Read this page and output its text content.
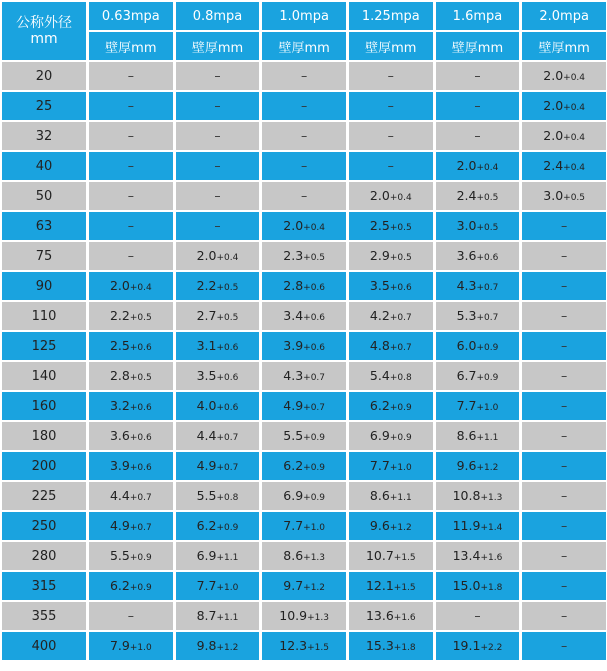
公称外径
mm	0.63mpa	0.8mpa	1.0mpa	1.25mpa	1.6mpa	2.0mpa
	壁厚mm	壁厚mm	壁厚mm	壁厚mm	壁厚mm	壁厚mm
20	–	–	–	–	–	2.0+0.4
25	–	–	–	–	–	2.0+0.4
32	–	–	–	–	–	2.0+0.4
40	–	–	–	–	2.0+0.4	2.4+0.4
50	–	–	–	2.0+0.4	2.4+0.5	3.0+0.5
63	–	–	2.0+0.4	2.5+0.5	3.0+0.5	–
75	–	2.0+0.4	2.3+0.5	2.9+0.5	3.6+0.6	–
90	2.0+0.4	2.2+0.5	2.8+0.6	3.5+0.6	4.3+0.7	–
110	2.2+0.5	2.7+0.5	3.4+0.6	4.2+0.7	5.3+0.7	–
125	2.5+0.6	3.1+0.6	3.9+0.6	4.8+0.7	6.0+0.9	–
140	2.8+0.5	3.5+0.6	4.3+0.7	5.4+0.8	6.7+0.9	–
160	3.2+0.6	4.0+0.6	4.9+0.7	6.2+0.9	7.7+1.0	–
180	3.6+0.6	4.4+0.7	5.5+0.9	6.9+0.9	8.6+1.1	–
200	3.9+0.6	4.9+0.7	6.2+0.9	7.7+1.0	9.6+1.2	–
225	4.4+0.7	5.5+0.8	6.9+0.9	8.6+1.1	10.8+1.3	–
250	4.9+0.7	6.2+0.9	7.7+1.0	9.6+1.2	11.9+1.4	–
280	5.5+0.9	6.9+1.1	8.6+1.3	10.7+1.5	13.4+1.6	–
315	6.2+0.9	7.7+1.0	9.7+1.2	12.1+1.5	15.0+1.8	–
355	–	8.7+1.1	10.9+1.3	13.6+1.6	–	–
400	7.9+1.0	9.8+1.2	12.3+1.5	15.3+1.8	19.1+2.2	–
